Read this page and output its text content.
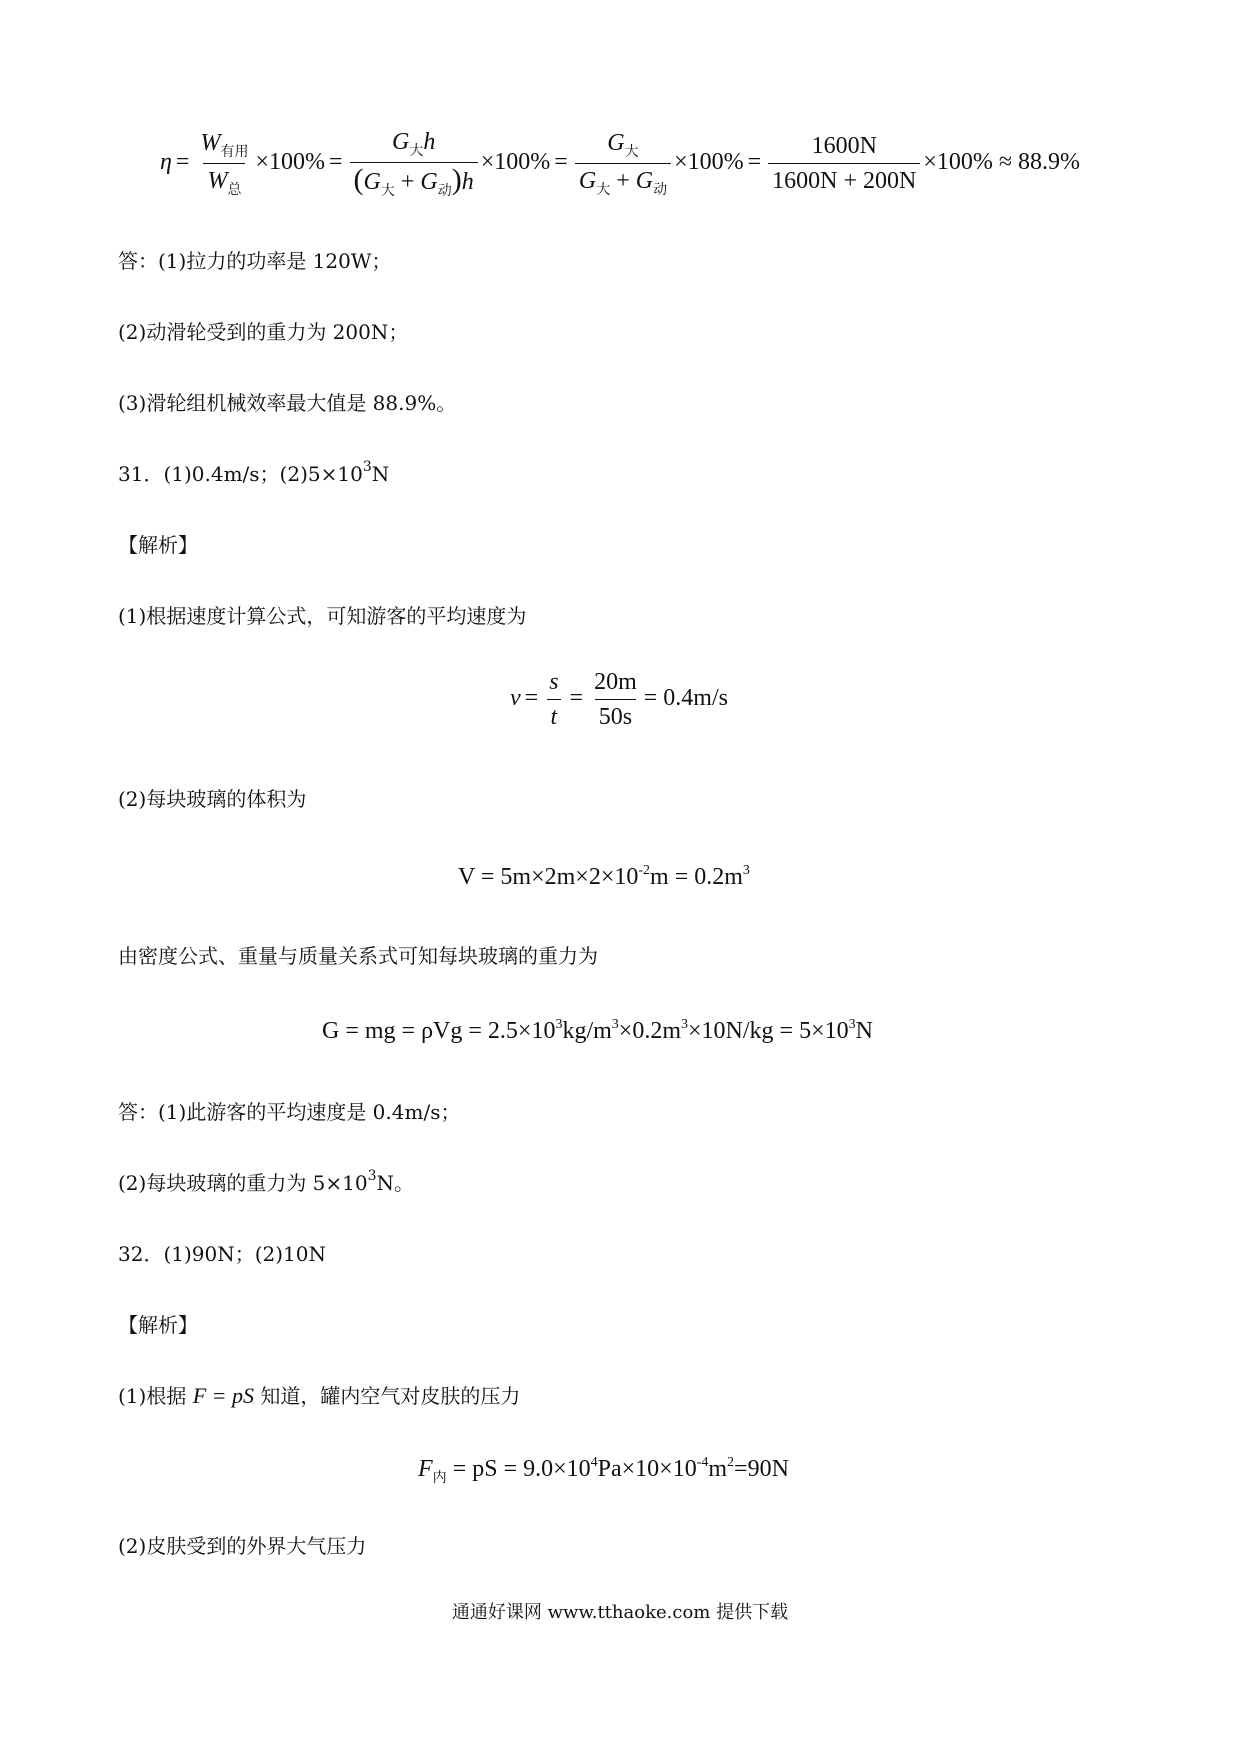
$\eta = \frac{W_{有用}}{W_总} \times 100\% = \frac{G_大h}{(G_大 + G_动)h} \times 100\% = \frac{G_大}{G_大 + G_动} \times 100\% = \frac{1600N}{1600N + 200N} \times 100\% \approx 88.9\%$
答：(1)拉力的功率是 120W；
(2)动滑轮受到的重力为 200N；
(3)滑轮组机械效率最大值是 88.9%。
31．(1)0.4m/s；$(2)5\times 10^3N$
【解析】
(1)根据速度计算公式，可知游客的平均速度为
$v = \frac{s}{t} = \frac{20m}{50s} = 0.4m/s$
(2)每块玻璃的体积为
$V = 5m\times 2m\times 2\times 10^{-2}m = 0.2m^3$
由密度公式、重量与质量关系式可知每块玻璃的重力为
G = mg = $\rho Vg = 2.5\times 10^3kg/m^3\times 0.2m^3\times 10N/kg = 5\times 10^3N$
答：(1)此游客的平均速度是 0.4m/s；
(2)每块玻璃的重力为 $5\times 10^3N$。
32．(1)90N；(2)10N
【解析】
(1)根据 F = pS 知道，罐内空气对皮肤的压力
$F_内$ = pS = $9.0\times 10^4Pa\times 10\times 10^{-4}m^2=90N$
(2)皮肤受到的外界大气压力
通通好课网 www.tthaoke.com 提供下载
